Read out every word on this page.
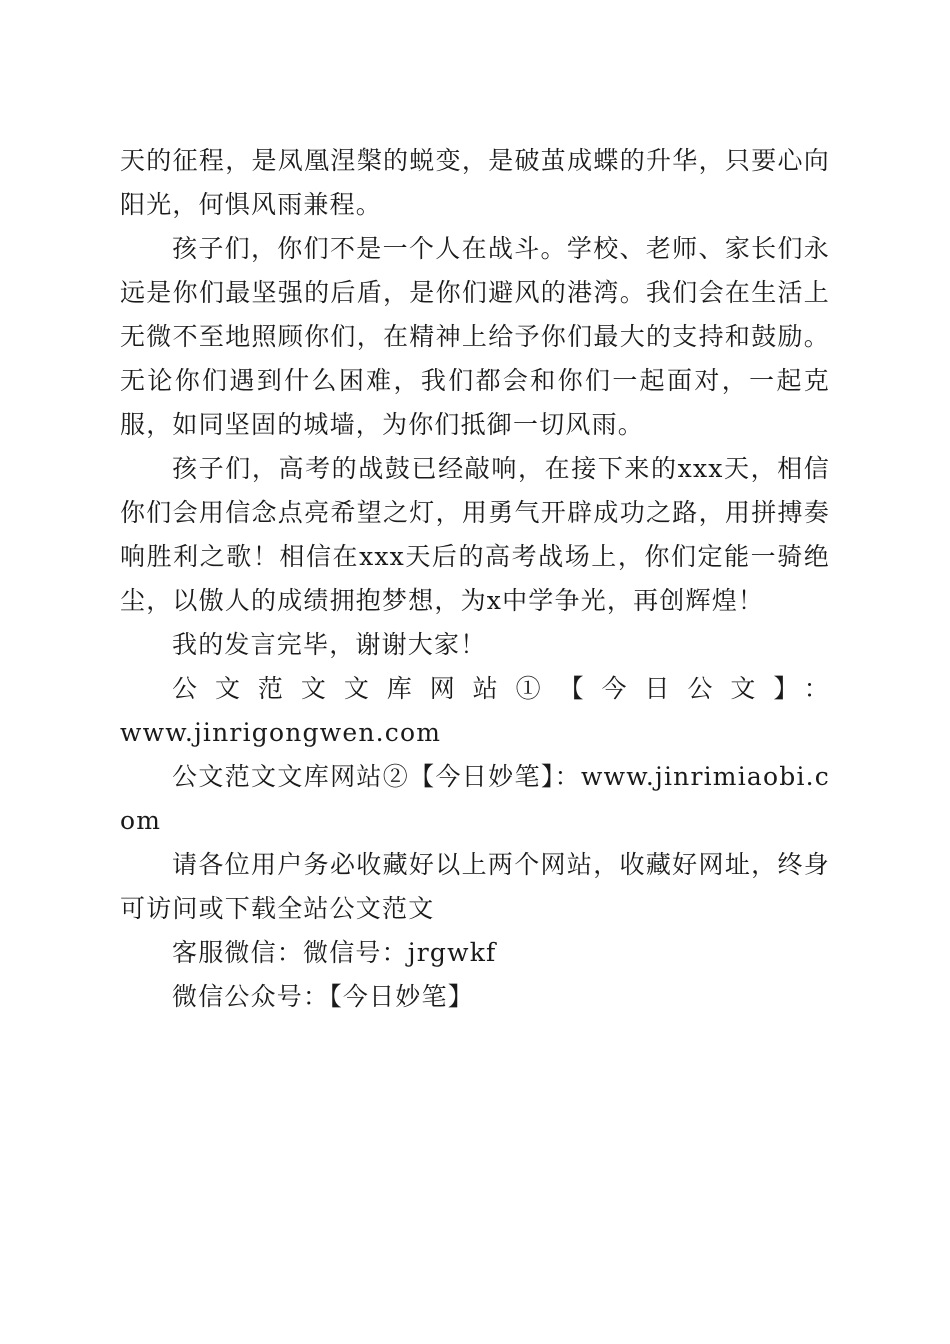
天的征程，是凤凰涅槃的蜕变，是破茧成蝶的升华，只要心向阳光，何惧风雨兼程。

孩子们，你们不是一个人在战斗。学校、老师、家长们永远是你们最坚强的后盾，是你们避风的港湾。我们会在生活上无微不至地照顾你们，在精神上给予你们最大的支持和鼓励。无论你们遇到什么困难，我们都会和你们一起面对，一起克服，如同坚固的城墙，为你们抵御一切风雨。

孩子们，高考的战鼓已经敲响，在接下来的xxx天，相信你们会用信念点亮希望之灯，用勇气开辟成功之路，用拼搏奏响胜利之歌！相信在xxx天后的高考战场上，你们定能一骑绝尘，以傲人的成绩拥抱梦想，为x中学争光，再创辉煌！

我的发言完毕，谢谢大家！

公文范文文库网站①【今日公文】：

www.jinrigongwen.com

公文范文文库网站②【今日妙笔】：www.jinrimiaobi.com

请各位用户务必收藏好以上两个网站，收藏好网址，终身可访问或下载全站公文范文

客服微信：微信号：jrgwkf

微信公众号：【今日妙笔】
